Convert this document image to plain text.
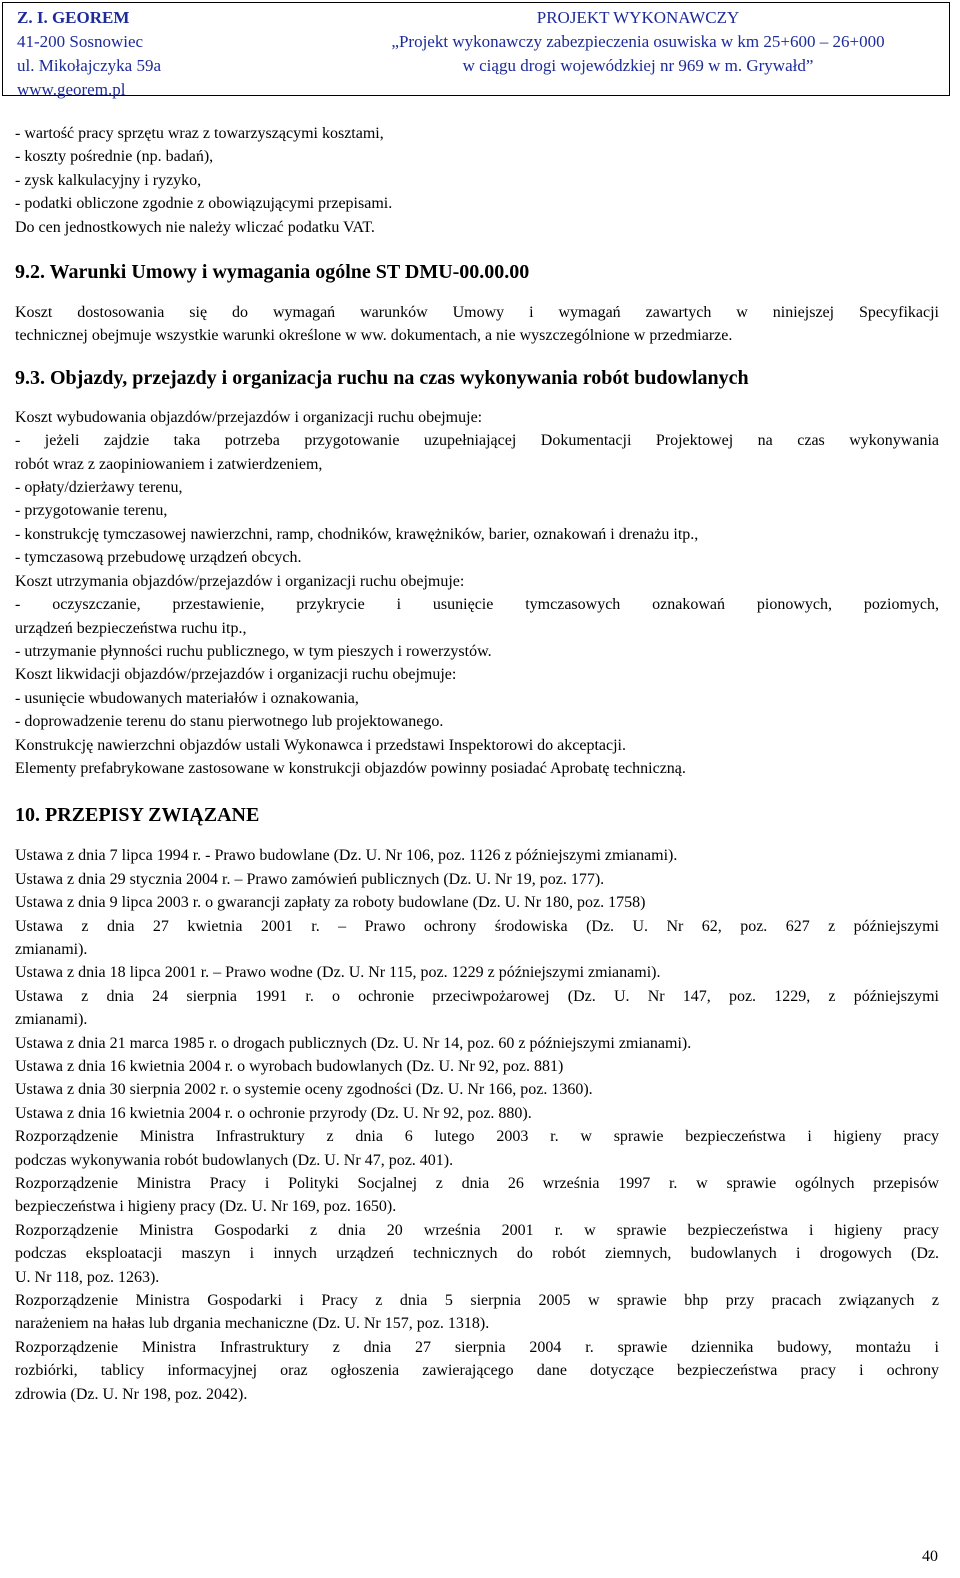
Z. I. GEOREM
41-200 Sosnowiec
ul. Mikołajczyka 59a
www.georem.pl
PROJEKT WYKONAWCZY
„Projekt wykonawczy zabezpieczenia osuwiska w km 25+600 – 26+000
w ciągu drogi wojewódzkiej nr 969 w m. Grywałd”

- wartość pracy sprzętu wraz z towarzyszącymi kosztami,

- koszty pośrednie (np. badań),

- zysk kalkulacyjny i ryzyko,

- podatki obliczone zgodnie z obowiązującymi przepisami.

Do cen jednostkowych nie należy wliczać podatku VAT.

9.2. Warunki Umowy i wymagania ogólne ST DMU-00.00.00

Koszt dostosowania się do wymagań warunków Umowy i wymagań zawartych w niniejszej Specyfikacji

technicznej obejmuje wszystkie warunki określone w ww. dokumentach, a nie wyszczególnione w przedmiarze.

9.3. Objazdy, przejazdy i organizacja ruchu na czas wykonywania robót budowlanych

Koszt wybudowania objazdów/przejazdów i organizacji ruchu obejmuje:

- jeżeli zajdzie taka potrzeba przygotowanie uzupełniającej Dokumentacji Projektowej na czas wykonywania

robót wraz z zaopiniowaniem i zatwierdzeniem,

- opłaty/dzierżawy terenu,

- przygotowanie terenu,

- konstrukcję tymczasowej nawierzchni, ramp, chodników, krawężników, barier, oznakowań i drenażu itp.,

- tymczasową przebudowę urządzeń obcych.

Koszt utrzymania objazdów/przejazdów i organizacji ruchu obejmuje:

- oczyszczanie, przestawienie, przykrycie i usunięcie tymczasowych oznakowań pionowych, poziomych,

urządzeń bezpieczeństwa ruchu itp.,

- utrzymanie płynności ruchu publicznego, w tym pieszych i rowerzystów.

Koszt likwidacji objazdów/przejazdów i organizacji ruchu obejmuje:

- usunięcie wbudowanych materiałów i oznakowania,

- doprowadzenie terenu do stanu pierwotnego lub projektowanego.

Konstrukcję nawierzchni objazdów ustali Wykonawca i przedstawi Inspektorowi do akceptacji.

Elementy prefabrykowane zastosowane w konstrukcji objazdów powinny posiadać Aprobatę techniczną.

10. PRZEPISY ZWIĄZANE

Ustawa z dnia 7 lipca 1994 r. - Prawo budowlane (Dz. U. Nr 106, poz. 1126 z późniejszymi zmianami).

Ustawa z dnia 29 stycznia 2004 r. – Prawo zamówień publicznych (Dz. U. Nr 19, poz. 177).

Ustawa z dnia 9 lipca 2003 r. o gwarancji zapłaty za roboty budowlane (Dz. U. Nr 180, poz. 1758)

Ustawa z dnia 27 kwietnia 2001 r. – Prawo ochrony środowiska (Dz. U. Nr 62, poz. 627 z późniejszymi

zmianami).

Ustawa z dnia 18 lipca 2001 r. – Prawo wodne (Dz. U. Nr 115, poz. 1229 z późniejszymi zmianami).

Ustawa z dnia 24 sierpnia 1991 r. o ochronie przeciwpożarowej (Dz. U. Nr 147, poz. 1229, z późniejszymi

zmianami).

Ustawa z dnia 21 marca 1985 r. o drogach publicznych (Dz. U. Nr 14, poz. 60 z późniejszymi zmianami).

Ustawa z dnia 16 kwietnia 2004 r. o wyrobach budowlanych (Dz. U. Nr 92, poz. 881)

Ustawa z dnia 30 sierpnia 2002 r. o systemie oceny zgodności (Dz. U. Nr 166, poz. 1360).

Ustawa z dnia 16 kwietnia 2004 r. o ochronie przyrody (Dz. U. Nr 92, poz. 880).

Rozporządzenie Ministra Infrastruktury z dnia 6 lutego 2003 r. w sprawie bezpieczeństwa i higieny pracy

podczas wykonywania robót budowlanych (Dz. U. Nr 47, poz. 401).

Rozporządzenie Ministra Pracy i Polityki Socjalnej z dnia 26 września 1997 r. w sprawie ogólnych przepisów

bezpieczeństwa i higieny pracy (Dz. U. Nr 169, poz. 1650).

Rozporządzenie Ministra Gospodarki z dnia 20 września 2001 r. w sprawie bezpieczeństwa i higieny pracy

podczas eksploatacji maszyn i innych urządzeń technicznych do robót ziemnych, budowlanych i drogowych (Dz.

U. Nr 118, poz. 1263).

Rozporządzenie Ministra Gospodarki i Pracy z dnia 5 sierpnia 2005 w sprawie bhp przy pracach związanych z

narażeniem na hałas lub drgania mechaniczne (Dz. U. Nr 157, poz. 1318).

Rozporządzenie Ministra Infrastruktury z dnia 27 sierpnia 2004 r. sprawie dziennika budowy, montażu i

rozbiórki, tablicy informacyjnej oraz ogłoszenia zawierającego dane dotyczące bezpieczeństwa pracy i ochrony

zdrowia (Dz. U. Nr 198, poz. 2042).

40
